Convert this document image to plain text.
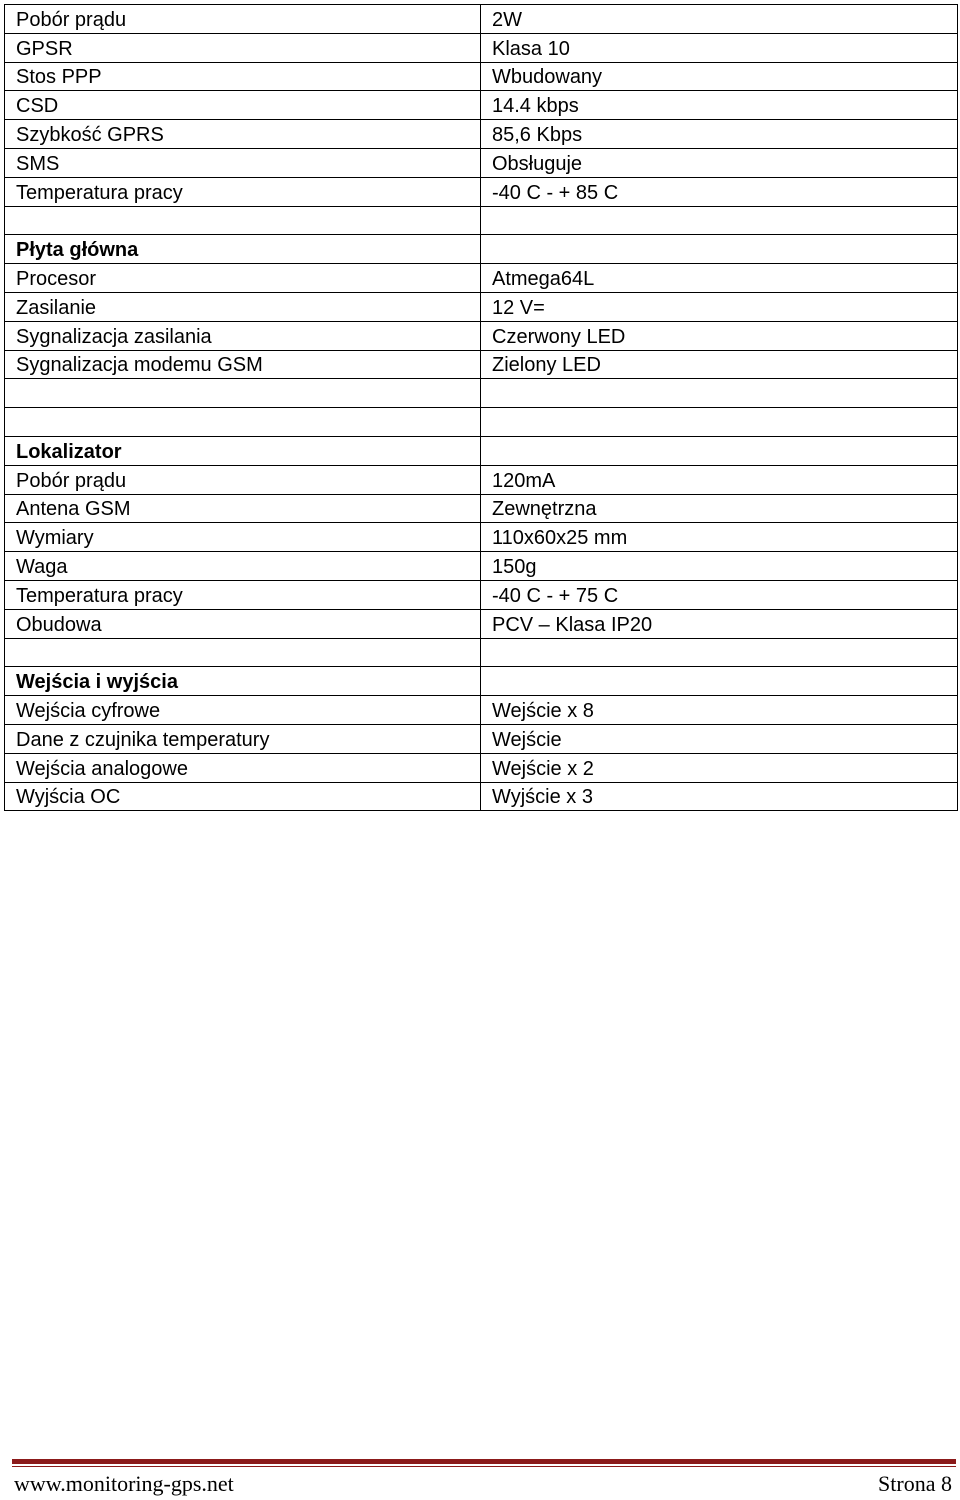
Pobór prądu	2W
GPSR	Klasa 10
Stos PPP	Wbudowany
CSD	14.4 kbps
Szybkość GPRS	85,6 Kbps
SMS	Obsługuje
Temperatura pracy	-40 C - + 85 C

Płyta główna	
Procesor	Atmega64L
Zasilanie	12 V=
Sygnalizacja zasilania	Czerwony LED
Sygnalizacja modemu GSM	Zielony LED

Lokalizator	
Pobór prądu	120mA
Antena GSM	Zewnętrzna
Wymiary	110x60x25 mm
Waga	150g
Temperatura pracy	-40 C - + 75 C
Obudowa	PCV – Klasa IP20

Wejścia i wyjścia	
Wejścia cyfrowe	Wejście x 8
Dane z czujnika temperatury	Wejście
Wejścia analogowe	Wejście x 2
Wyjścia OC	Wyjście x 3
www.monitoring-gps.net	Strona 8
